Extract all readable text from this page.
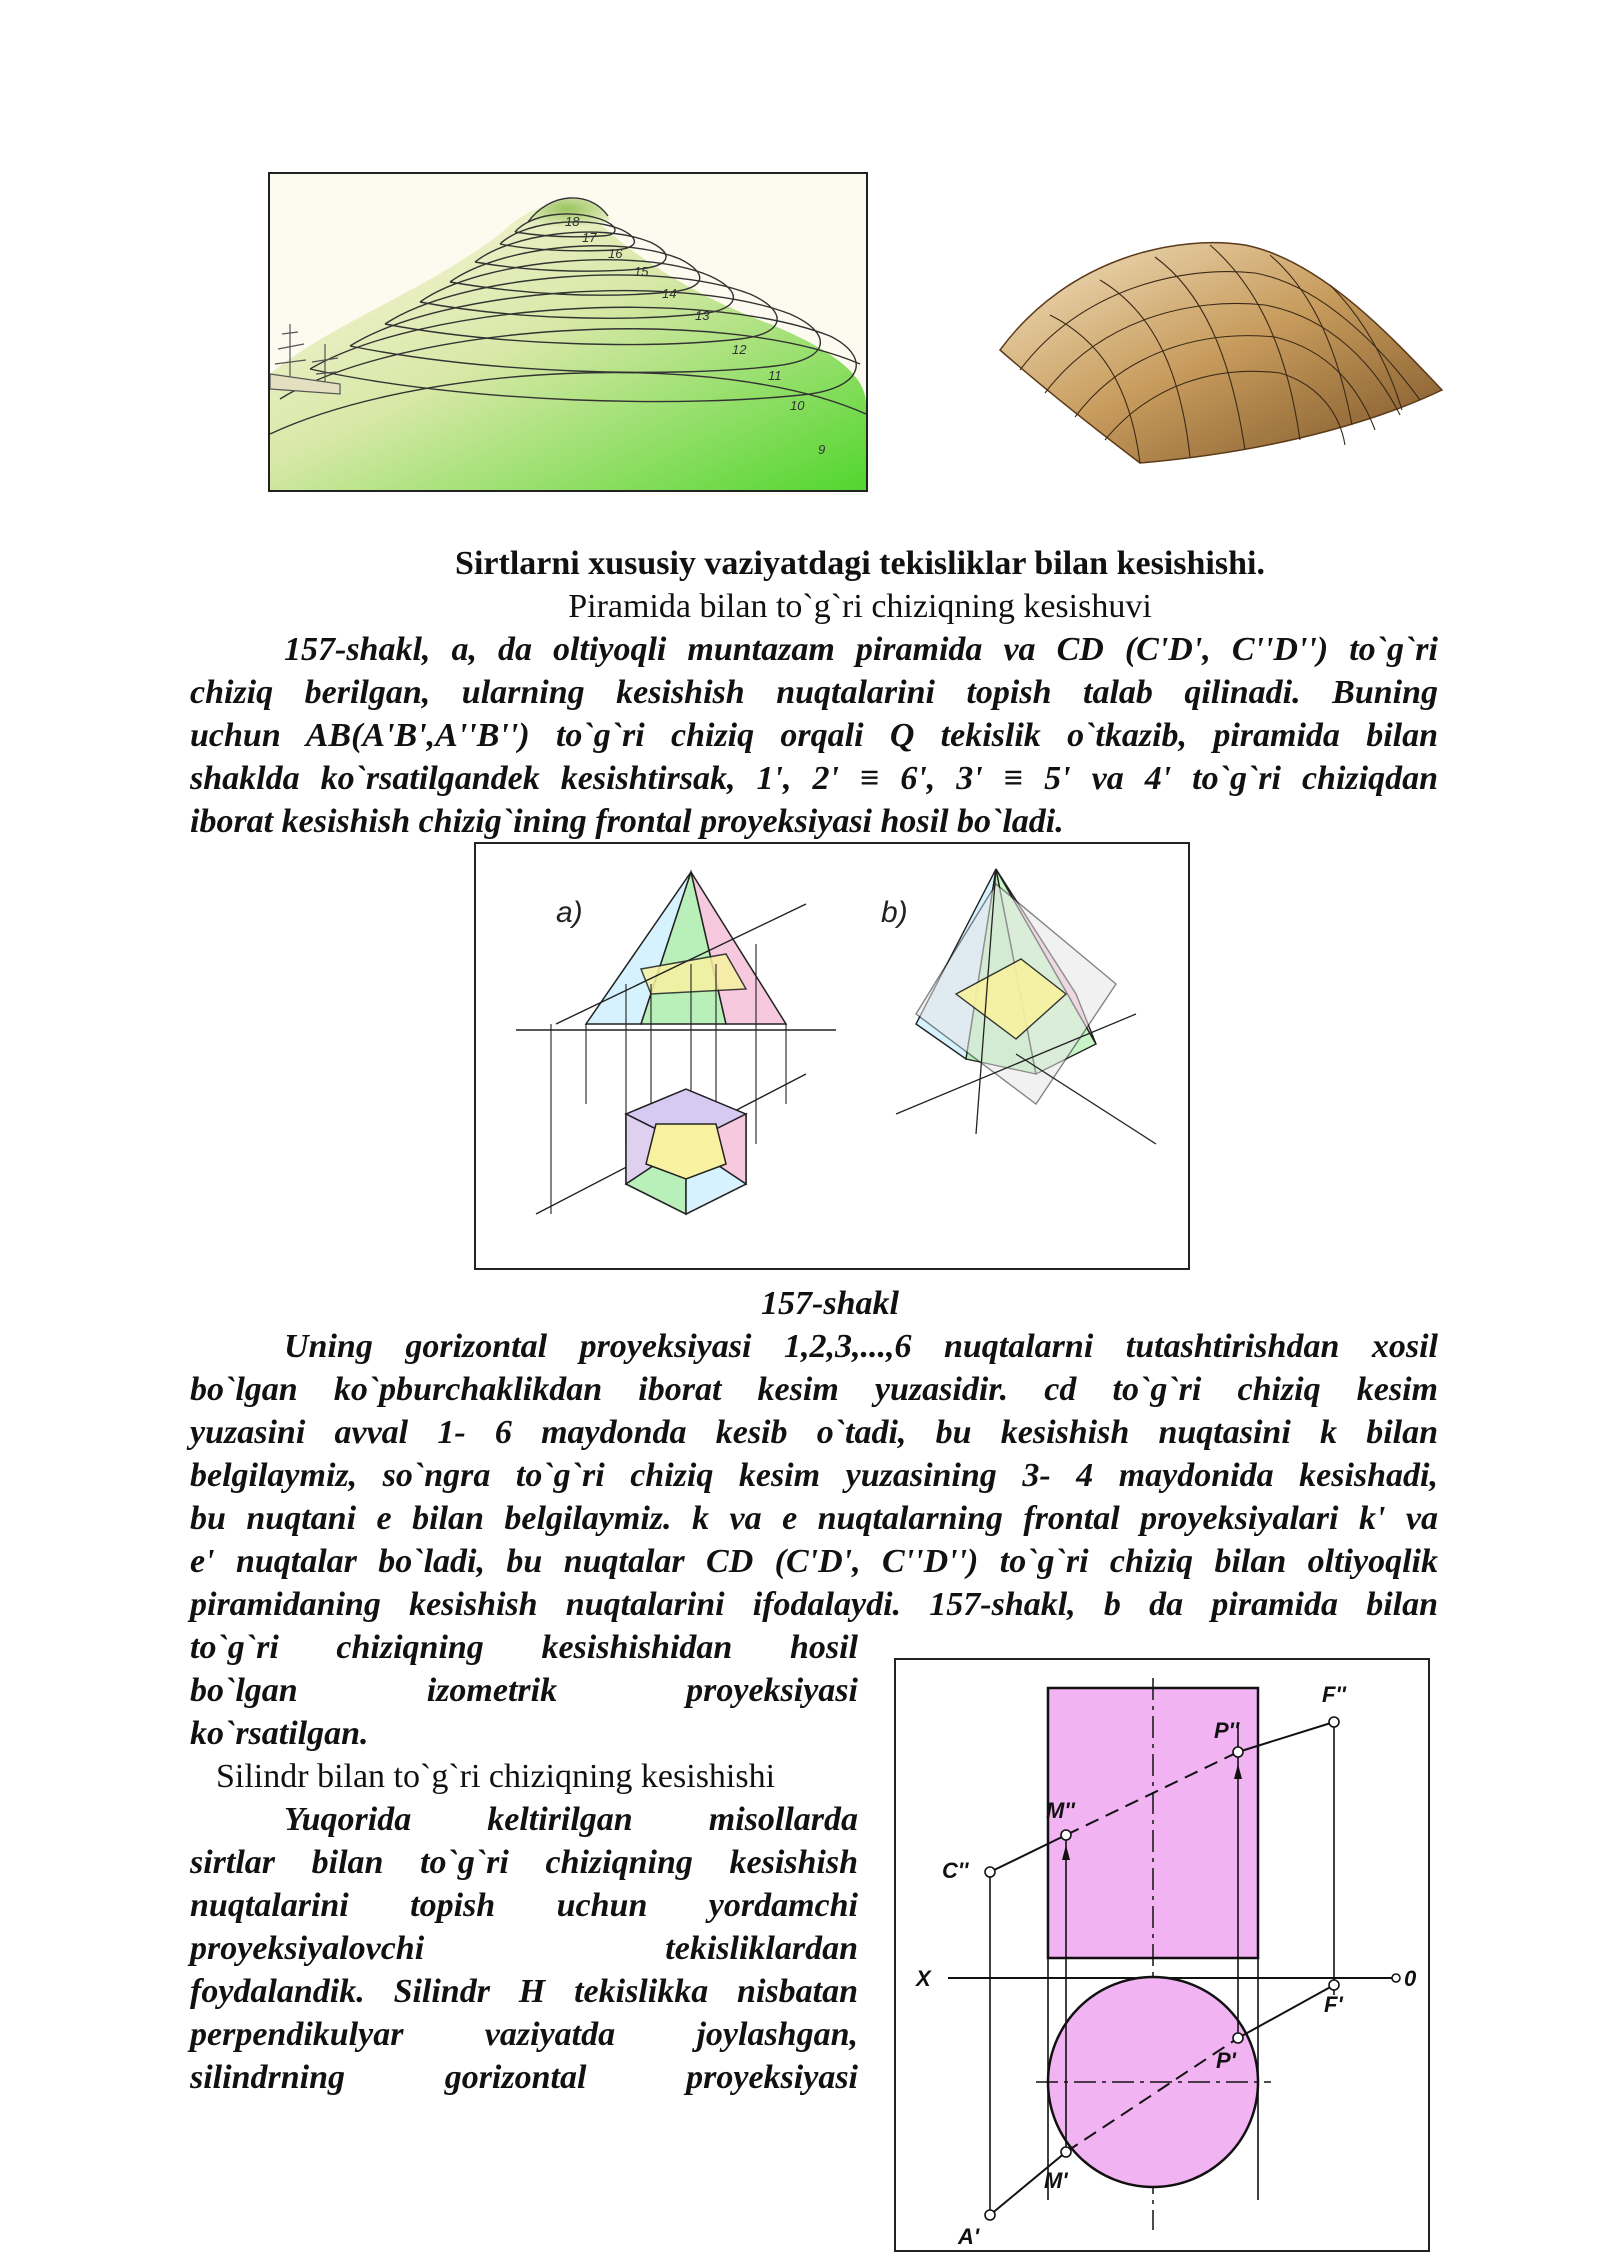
18
17
16
15
14
13
12
11
10
9
Sirtlarni xususiy vaziyatdagi tekisliklar bilan kesishishi.
Piramida bilan to`g`ri chiziqning kesishuvi
157-shakl, a, da oltiyoqli muntazam piramida va CD (C'D', C''D'') to`g`ri
chiziq berilgan, ularning kesishish nuqtalarini topish talab qilinadi. Buning
uchun AB(A'B',A''B'') to`g`ri chiziq orqali Q tekislik o`tkazib, piramida bilan
shaklda ko`rsatilgandek kesishtirsak, 1', 2' ≡ 6', 3' ≡ 5' va 4' to`g`ri chiziqdan
iborat kesishish chizig`ining frontal proyeksiyasi hosil bo`ladi.
a)	b)
157-shakl
Uning gorizontal proyeksiyasi 1,2,3,...,6 nuqtalarni tutashtirishdan xosil
bo`lgan ko`pburchaklikdan iborat kesim yuzasidir. cd to`g`ri chiziq kesim
yuzasini avval 1- 6 maydonda kesib o`tadi, bu kesishish nuqtasini k bilan
belgilaymiz, so`ngra to`g`ri chiziq kesim yuzasining 3- 4 maydonida kesishadi,
bu nuqtani e bilan belgilaymiz. k va e nuqtalarning frontal proyeksiyalari k' va
e' nuqtalar bo`ladi, bu nuqtalar CD (C'D', C''D'') to`g`ri chiziq bilan oltiyoqlik
piramidaning kesishish nuqtalarini ifodalaydi. 157-shakl, b da piramida bilan
to`g`ri chiziqning kesishishidan hosil
bo`lgan izometrik proyeksiyasi
ko`rsatilgan.
Silindr bilan to`g`ri chiziqning kesishishi
Yuqorida keltirilgan misollarda
sirtlar bilan to`g`ri chiziqning kesishish
nuqtalarini topish uchun yordamchi
proyeksiyalovchi tekisliklardan
foydalandik. Silindr H tekislikka nisbatan
perpendikulyar vaziyatda joylashgan,
silindrning gorizontal proyeksiyasi
F''
P''
M''
C''
X	0
F'
P'
M'
A'
